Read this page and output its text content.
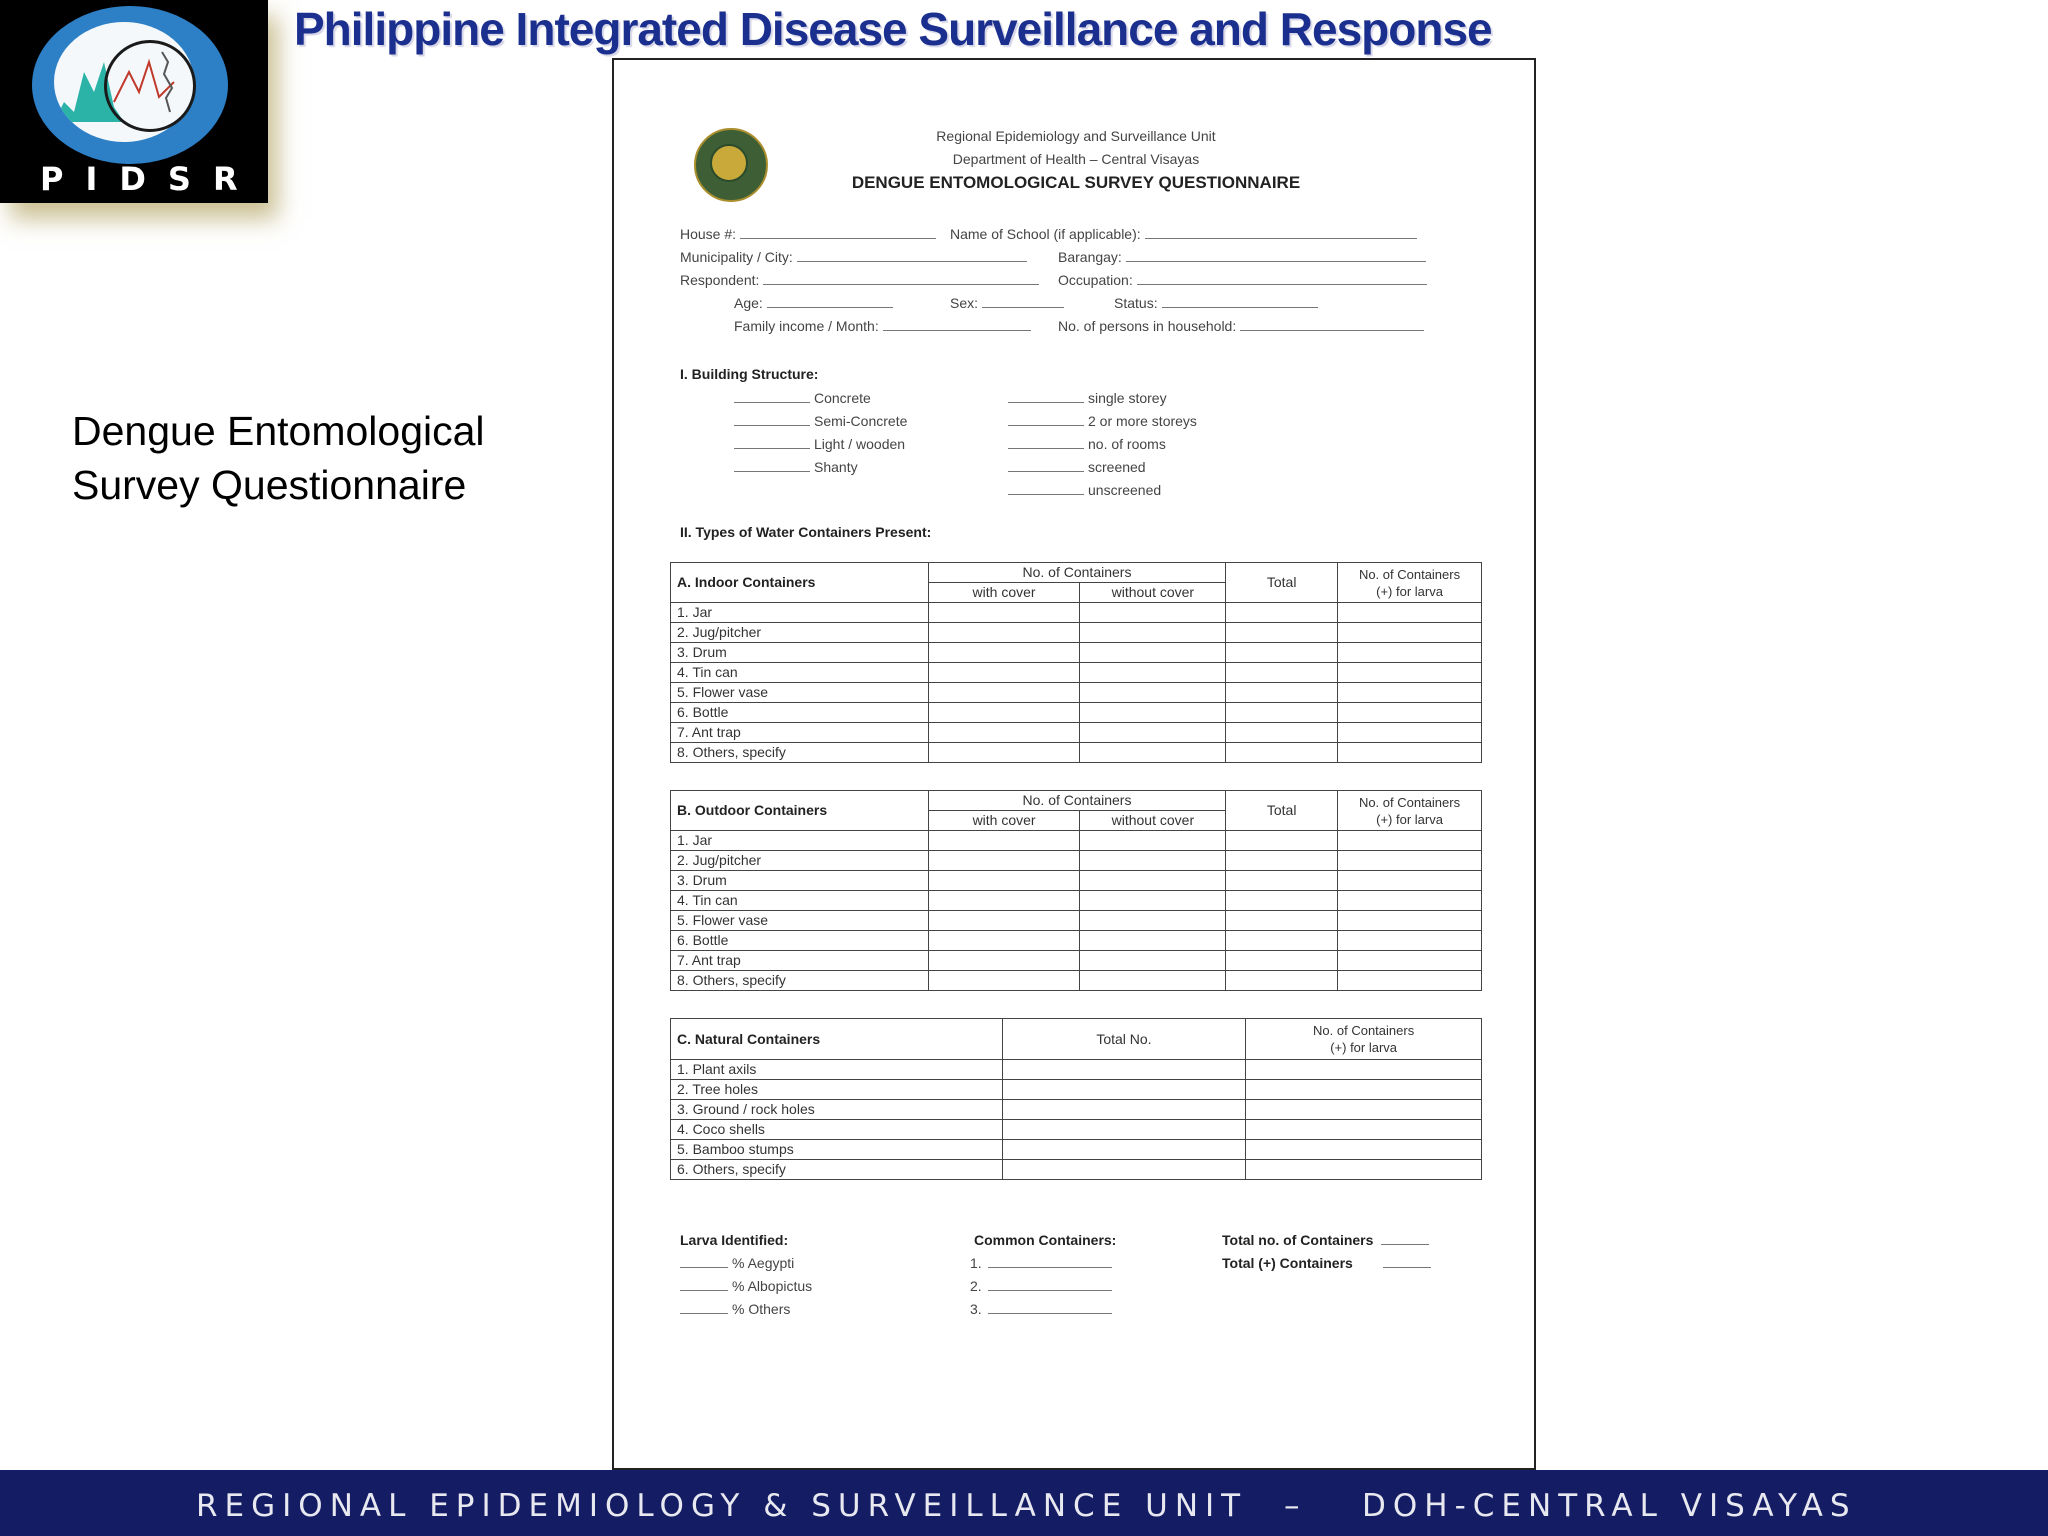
PIDSR
Philippine Integrated Disease Surveillance and Response
Dengue Entomological
Survey Questionnaire
Regional Epidemiology and Surveillance Unit
Department of Health – Central Visayas
DENGUE ENTOMOLOGICAL SURVEY QUESTIONNAIRE
House #:	Name of School (if applicable):
Municipality / City:	Barangay:
Respondent:	Occupation:
Age:	Sex:	Status:
Family income / Month:	No. of persons in household:
I. Building Structure:
Concrete
Semi-Concrete
Light / wooden
Shanty
single storey
2 or more storeys
no. of rooms
screened
unscreened
II. Types of Water Containers Present:
A. Indoor Containers	No. of Containers		Total	No. of Containers
(+) for larva

	with cover	without cover		
1. Jar				
2. Jug/pitcher				
3. Drum				
4. Tin can				
5. Flower vase				
6. Bottle				
7. Ant trap				
8. Others, specify				
B. Outdoor Containers	No. of Containers		Total	No. of Containers
(+) for larva

	with cover	without cover		
1. Jar				
2. Jug/pitcher				
3. Drum				
4. Tin can				
5. Flower vase				
6. Bottle				
7. Ant trap				
8. Others, specify				
C. Natural Containers	Total No.	No. of Containers
(+) for larva

1. Plant axils		
2. Tree holes		
3. Ground / rock holes		
4. Coco shells		
5. Bamboo stumps		
6. Others, specify		
Larva Identified:
% Aegypti
% Albopictus
% Others
Common Containers:
1.
2.
3.
Total no. of Containers
Total (+) Containers
REGIONAL EPIDEMIOLOGY & SURVEILLANCE UNIT – DOH-CENTRAL VISAYAS
